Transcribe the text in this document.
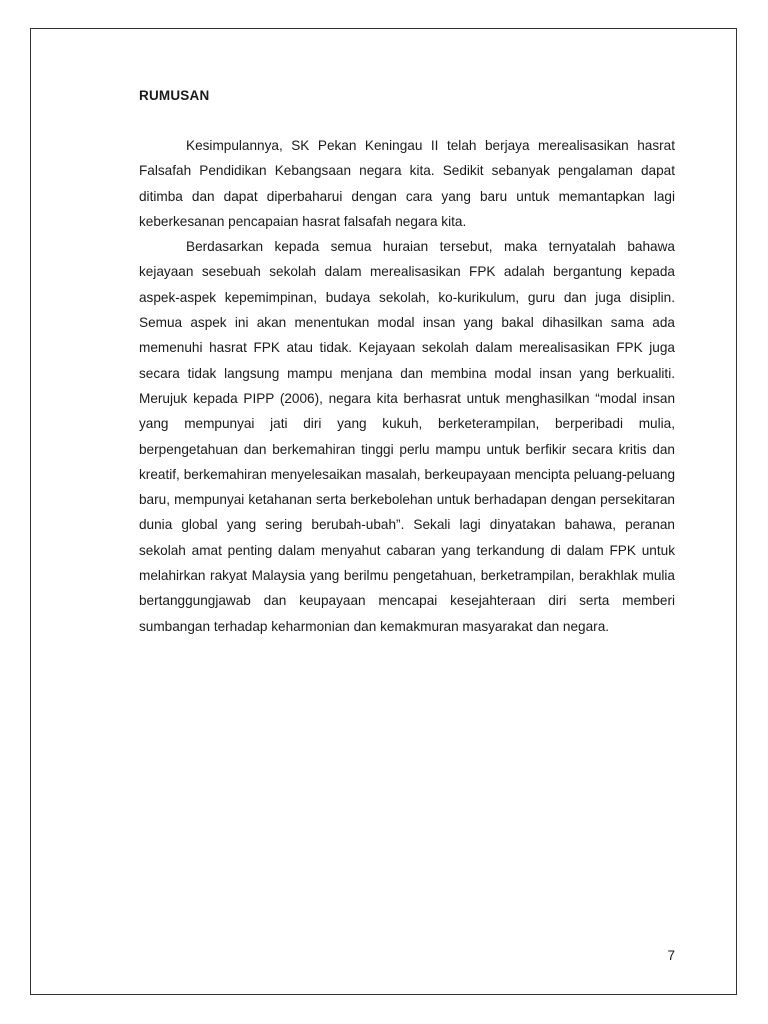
RUMUSAN

Kesimpulannya, SK Pekan Keningau II telah berjaya merealisasikan hasrat Falsafah Pendidikan Kebangsaan negara kita. Sedikit sebanyak pengalaman dapat ditimba dan dapat diperbaharui dengan cara yang baru untuk memantapkan lagi keberkesanan pencapaian hasrat falsafah negara kita.

Berdasarkan kepada semua huraian tersebut, maka ternyatalah bahawa kejayaan sesebuah sekolah dalam merealisasikan FPK adalah bergantung kepada aspek-aspek kepemimpinan, budaya sekolah, ko-kurikulum, guru dan juga disiplin. Semua aspek ini akan menentukan modal insan yang bakal dihasilkan sama ada memenuhi hasrat FPK atau tidak. Kejayaan sekolah dalam merealisasikan FPK juga secara tidak langsung mampu menjana dan membina modal insan yang berkualiti. Merujuk kepada PIPP (2006), negara kita berhasrat untuk menghasilkan “modal insan yang mempunyai jati diri yang kukuh, berketerampilan, berperibadi mulia, berpengetahuan dan berkemahiran tinggi perlu mampu untuk berfikir secara kritis dan kreatif, berkemahiran menyelesaikan masalah, berkeupayaan mencipta peluang-peluang baru, mempunyai ketahanan serta berkebolehan untuk berhadapan dengan persekitaran dunia global yang sering berubah-ubah”. Sekali lagi dinyatakan bahawa, peranan sekolah amat penting dalam menyahut cabaran yang terkandung di dalam FPK untuk melahirkan rakyat Malaysia yang berilmu pengetahuan, berketrampilan, berakhlak mulia bertanggungjawab dan keupayaan mencapai kesejahteraan diri serta memberi sumbangan terhadap keharmonian dan kemakmuran masyarakat dan negara.

7
